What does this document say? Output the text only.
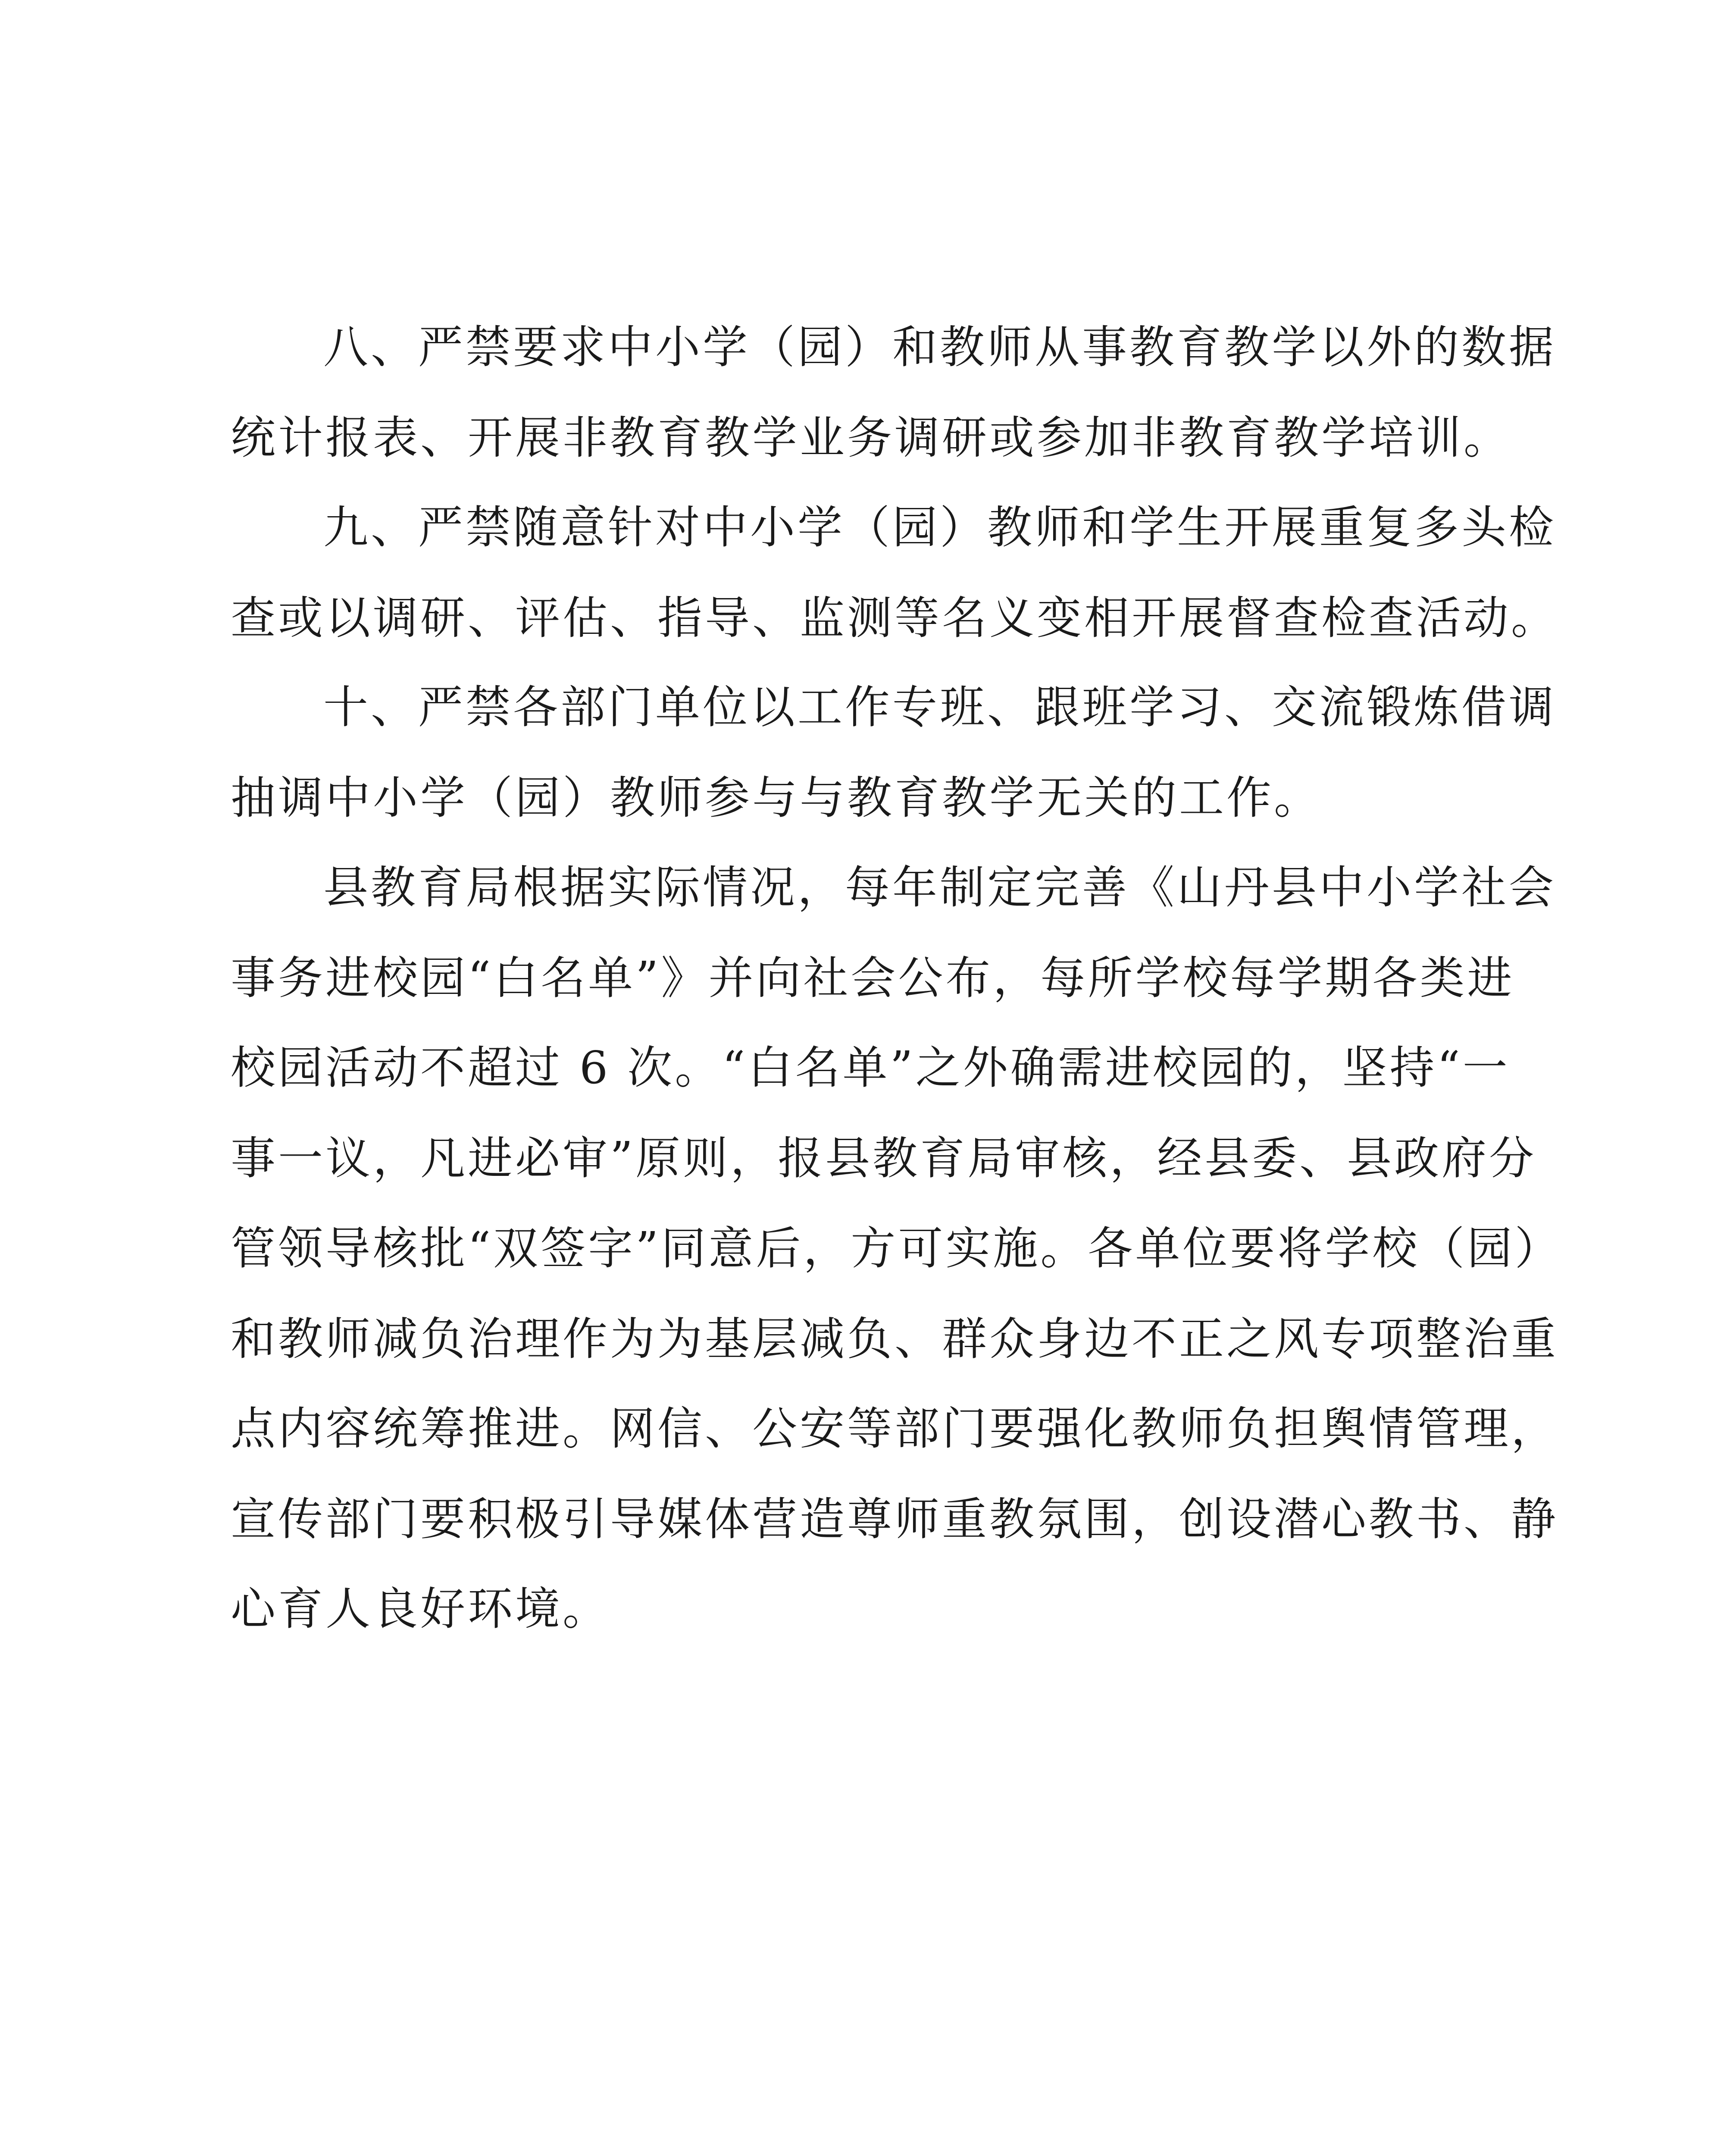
八、严禁要求中小学（园）和教师从事教育教学以外的数据
统计报表、开展非教育教学业务调研或参加非教育教学培训。
九、严禁随意针对中小学（园）教师和学生开展重复多头检
查或以调研、评估、指导、监测等名义变相开展督查检查活动。
十、严禁各部门单位以工作专班、跟班学习、交流锻炼借调
抽调中小学（园）教师参与与教育教学无关的工作。
县教育局根据实际情况，每年制定完善《山丹县中小学社会
事务进校园“白名单”》并向社会公布，每所学校每学期各类进
校园活动不超过 6 次。“白名单”之外确需进校园的，坚持“一
事一议，凡进必审”原则，报县教育局审核，经县委、县政府分
管领导核批“双签字”同意后，方可实施。各单位要将学校（园）
和教师减负治理作为为基层减负、群众身边不正之风专项整治重
点内容统筹推进。网信、公安等部门要强化教师负担舆情管理，
宣传部门要积极引导媒体营造尊师重教氛围，创设潜心教书、静
心育人良好环境。
